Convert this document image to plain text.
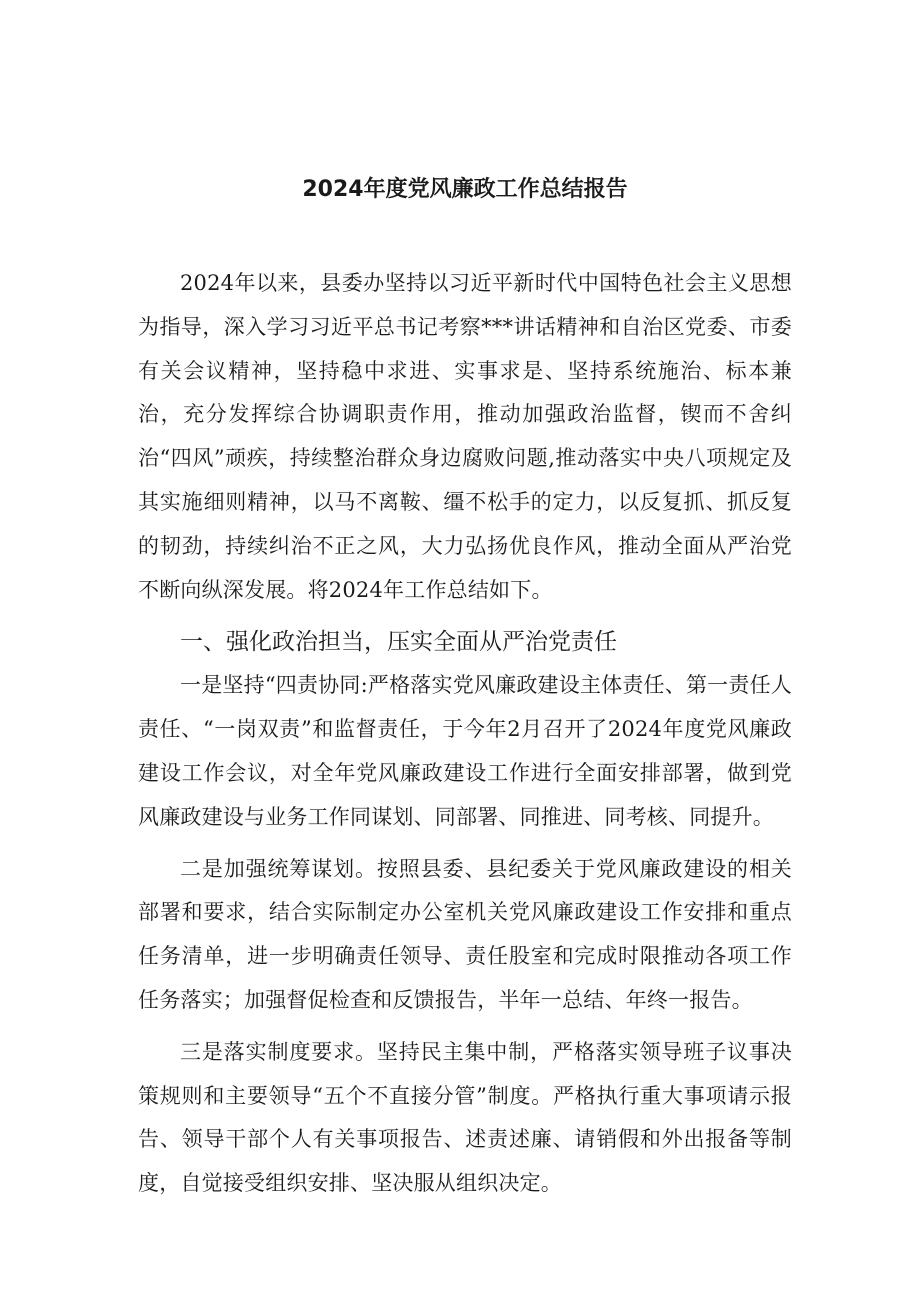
2024年度党风廉政工作总结报告

2024年以来，县委办坚持以习近平新时代中国特色社会主义思想为指导，深入学习习近平总书记考察***讲话精神和自治区党委、市委有关会议精神，坚持稳中求进、实事求是、坚持系统施治、标本兼治，充分发挥综合协调职责作用，推动加强政治监督，锲而不舍纠治“四风”顽疾，持续整治群众身边腐败问题,推动落实中央八项规定及其实施细则精神，以马不离鞍、缰不松手的定力，以反复抓、抓反复的韧劲，持续纠治不正之风，大力弘扬优良作风，推动全面从严治党不断向纵深发展。将2024年工作总结如下。

一、强化政治担当，压实全面从严治党责任

一是坚持“四责协同:严格落实党风廉政建设主体责任、第一责任人责任、“一岗双责”和监督责任，于今年2月召开了2024年度党风廉政建设工作会议，对全年党风廉政建设工作进行全面安排部署，做到党风廉政建设与业务工作同谋划、同部署、同推进、同考核、同提升。

二是加强统筹谋划。按照县委、县纪委关于党风廉政建设的相关部署和要求，结合实际制定办公室机关党风廉政建设工作安排和重点任务清单，进一步明确责任领导、责任股室和完成时限推动各项工作任务落实；加强督促检查和反馈报告，半年一总结、年终一报告。

三是落实制度要求。坚持民主集中制，严格落实领导班子议事决策规则和主要领导“五个不直接分管”制度。严格执行重大事项请示报告、领导干部个人有关事项报告、述责述廉、请销假和外出报备等制度，自觉接受组织安排、坚决服从组织决定。
